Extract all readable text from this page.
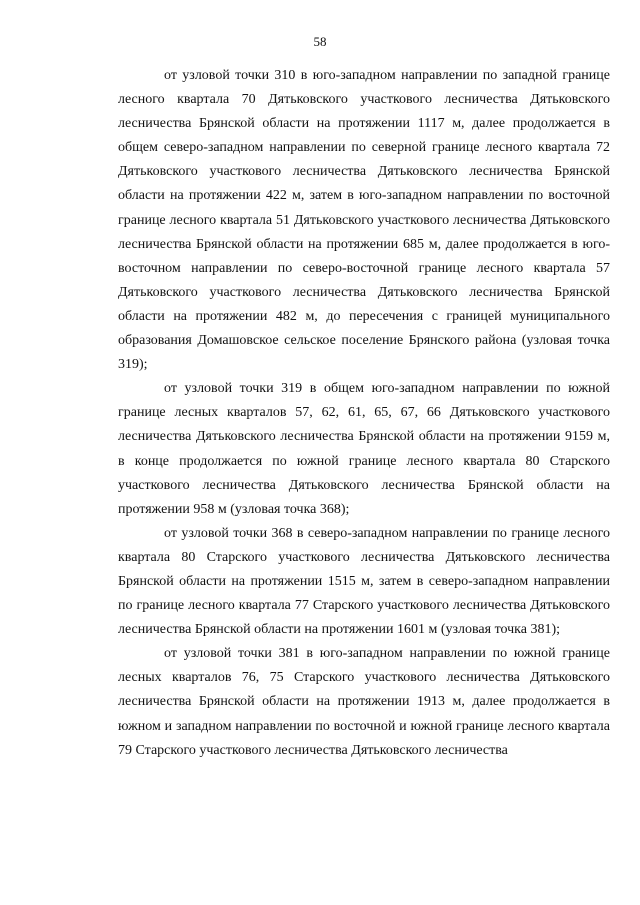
58

от узловой точки 310 в юго-западном направлении по западной границе лесного квартала 70 Дятьковского участкового лесничества Дятьковского лесничества Брянской области на протяжении 1117 м, далее продолжается в общем северо-западном направлении по северной границе лесного квартала 72 Дятьковского участкового лесничества Дятьковского лесничества Брянской области на протяжении 422 м, затем в юго-западном направлении по восточной границе лесного квартала 51 Дятьковского участкового лесничества Дятьковского лесничества Брянской области на протяжении 685 м, далее продолжается в юго-восточном направлении по северо-восточной границе лесного квартала 57 Дятьковского участкового лесничества Дятьковского лесничества Брянской области на протяжении 482 м, до пересечения с границей муниципального образования Домашовское сельское поселение Брянского района (узловая точка 319);

от узловой точки 319 в общем юго-западном направлении по южной границе лесных кварталов 57, 62, 61, 65, 67, 66 Дятьковского участкового лесничества Дятьковского лесничества Брянской области на протяжении 9159 м, в конце продолжается по южной границе лесного квартала 80 Старского участкового лесничества Дятьковского лесничества Брянской области на протяжении 958 м (узловая точка 368);

от узловой точки 368 в северо-западном направлении по границе лесного квартала 80 Старского участкового лесничества Дятьковского лесничества Брянской области на протяжении 1515 м, затем в северо-западном направлении по границе лесного квартала 77 Старского участкового лесничества Дятьковского лесничества Брянской области на протяжении 1601 м (узловая точка 381);

от узловой точки 381 в юго-западном направлении по южной границе лесных кварталов 76, 75 Старского участкового лесничества Дятьковского лесничества Брянской области на протяжении 1913 м, далее продолжается в южном и западном направлении по восточной и южной границе лесного квартала 79 Старского участкового лесничества Дятьковского лесничества
